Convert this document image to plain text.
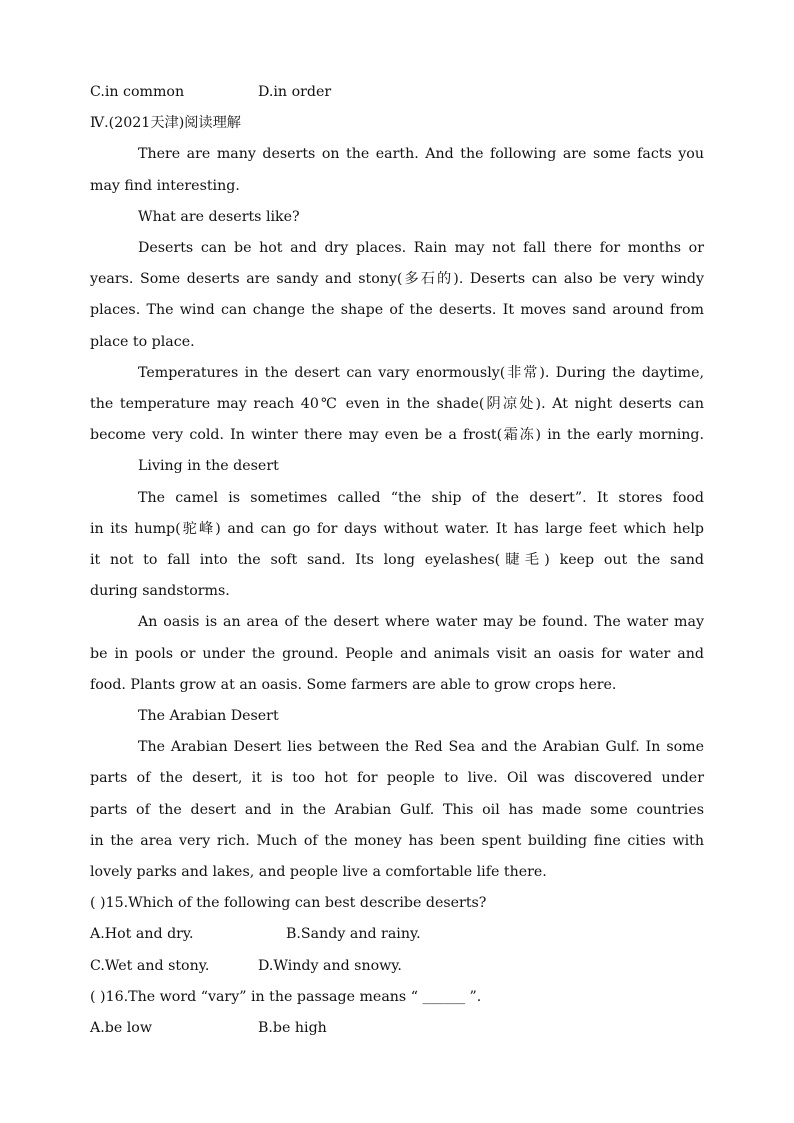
C.in common	D.in order
Ⅳ.(2021天津)阅读理解
There are many deserts on the earth. And the following are some facts you
may find interesting.
What are deserts like?
Deserts can be hot and dry places. Rain may not fall there for months or
years. Some deserts are sandy and stony(多石的). Deserts can also be very windy
places. The wind can change the shape of the deserts. It moves sand around from
place to place.
Temperatures in the desert can vary enormously(非常). During the daytime,
the temperature may reach 40℃ even in the shade(阴凉处). At night deserts can
become very cold. In winter there may even be a frost(霜冻) in the early morning.
Living in the desert
The camel is sometimes called “the ship of the desert”. It stores food
in its hump(驼峰) and can go for days without water. It has large feet which help
it not to fall into the soft sand. Its long eyelashes(睫毛) keep out the sand
during sandstorms.
An oasis is an area of the desert where water may be found. The water may
be in pools or under the ground. People and animals visit an oasis for water and
food. Plants grow at an oasis. Some farmers are able to grow crops here.
The Arabian Desert
The Arabian Desert lies between the Red Sea and the Arabian Gulf. In some
parts of the desert, it is too hot for people to live. Oil was discovered under
parts of the desert and in the Arabian Gulf. This oil has made some countries
in the area very rich. Much of the money has been spent building fine cities with
lovely parks and lakes, and people live a comfortable life there.
( )15.Which of the following can best describe deserts?
A.Hot and dry.	B.Sandy and rainy.
C.Wet and stony.	D.Windy and snowy.
( )16.The word “vary” in the passage means “ ______ ”.
A.be low	B.be high
